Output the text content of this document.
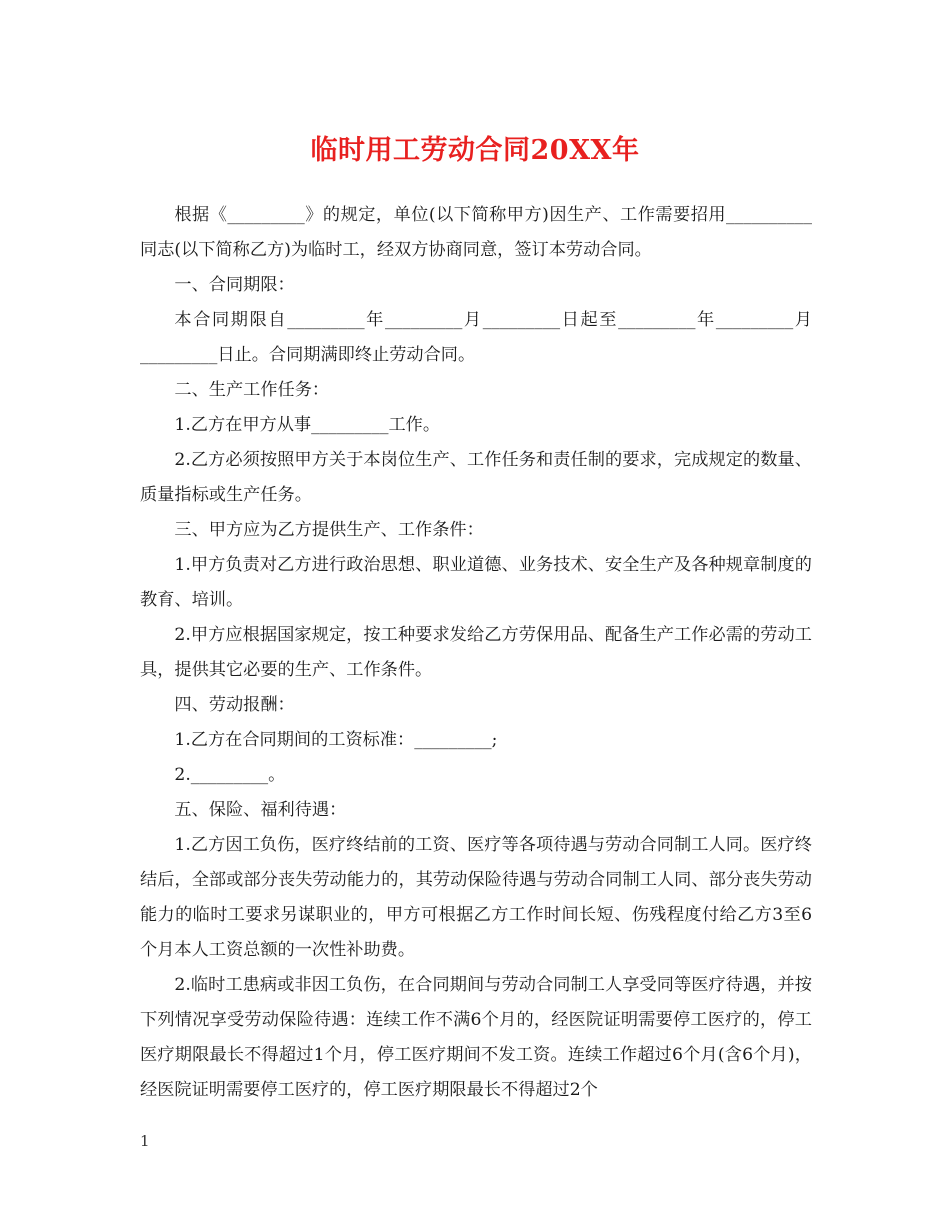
临时用工劳动合同20XX年

根据《_________》的规定，单位(以下简称甲方)因生产、工作需要招用__________同志(以下简称乙方)为临时工，经双方协商同意，签订本劳动合同。

一、合同期限：

本合同期限自_________年_________月_________日起至_________年_________月_________日止。合同期满即终止劳动合同。

二、生产工作任务：

1.乙方在甲方从事_________工作。

2.乙方必须按照甲方关于本岗位生产、工作任务和责任制的要求，完成规定的数量、质量指标或生产任务。

三、甲方应为乙方提供生产、工作条件：

1.甲方负责对乙方进行政治思想、职业道德、业务技术、安全生产及各种规章制度的教育、培训。

2.甲方应根据国家规定，按工种要求发给乙方劳保用品、配备生产工作必需的劳动工具，提供其它必要的生产、工作条件。

四、劳动报酬：

1.乙方在合同期间的工资标准：_________;

2._________。

五、保险、福利待遇：

1.乙方因工负伤，医疗终结前的工资、医疗等各项待遇与劳动合同制工人同。医疗终结后，全部或部分丧失劳动能力的，其劳动保险待遇与劳动合同制工人同、部分丧失劳动能力的临时工要求另谋职业的，甲方可根据乙方工作时间长短、伤残程度付给乙方3至6个月本人工资总额的一次性补助费。

2.临时工患病或非因工负伤，在合同期间与劳动合同制工人享受同等医疗待遇，并按下列情况享受劳动保险待遇：连续工作不满6个月的，经医院证明需要停工医疗的，停工医疗期限最长不得超过1个月，停工医疗期间不发工资。连续工作超过6个月(含6个月)，经医院证明需要停工医疗的，停工医疗期限最长不得超过2个

1
